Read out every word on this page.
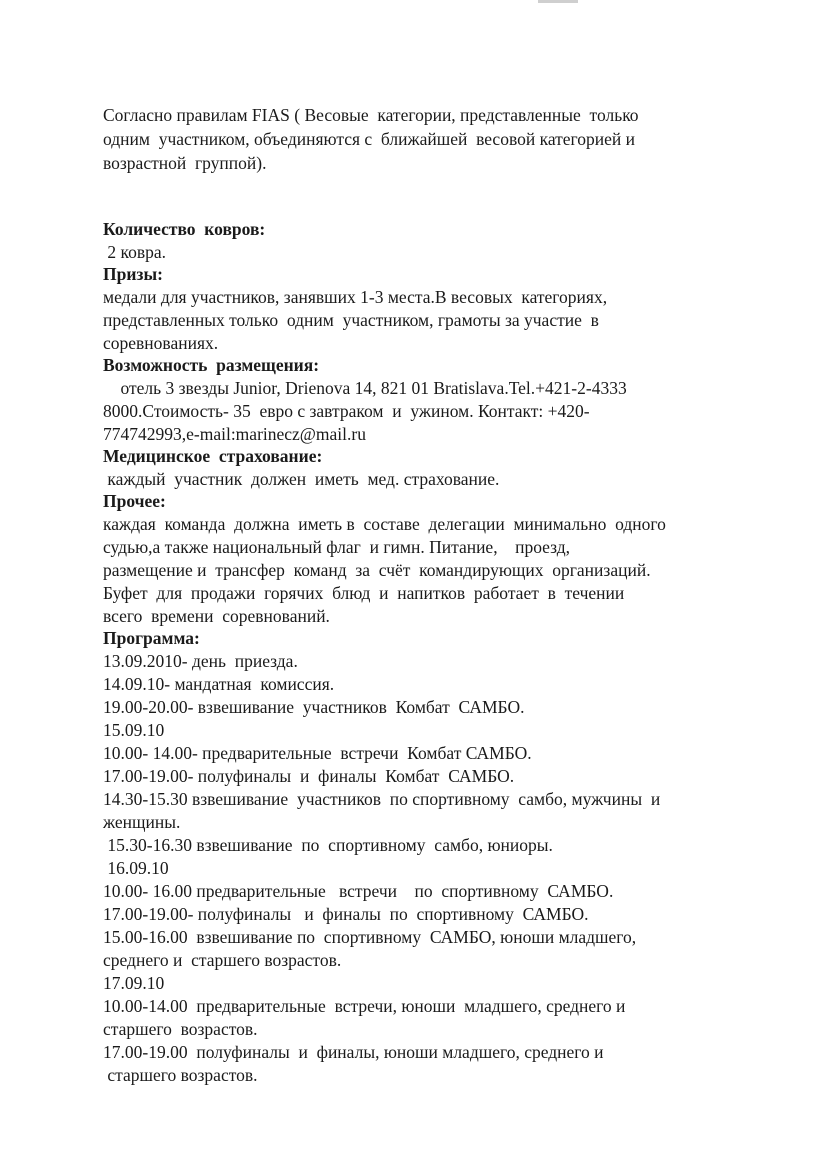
Согласно правилам FIAS ( Весовые  категории, представленные  только
одним  участником, объединяются с  ближайшей  весовой категорией и
возрастной  группой).
Количество  ковров:
2 ковра.
Призы:
медали для участников, занявших 1-3 места.В весовых  категориях,
представленных только  одним  участником, грамоты за участие  в
соревнованиях.
Возможность  размещения:
отель 3 звезды Junior, Drienova 14, 821 01 Bratislava.Tel.+421-2-4333
8000.Стоимость- 35  евро с завтраком  и  ужином. Контакт: +420-
774742993,e-mail:marinecz@mail.ru
Медицинское  страхование:
каждый  участник  должен  иметь  мед. страхование.
Прочее:
каждая  команда  должна  иметь в  составе  делегации  минимально  одного
судью,а также национальный флаг  и гимн. Питание,    проезд,
размещение и  трансфер  команд  за  счёт  командирующих  организаций.
Буфет  для  продажи  горячих  блюд  и  напитков  работает  в  течении
всего  времени  соревнований.
Программа:
13.09.2010- день  приезда.
14.09.10- мандатная  комиссия.
19.00-20.00- взвешивание  участников  Комбат  САМБО.
15.09.10
10.00- 14.00- предварительные  встречи  Комбат САМБО.
17.00-19.00- полуфиналы  и  финалы  Комбат  САМБО.
14.30-15.30 взвешивание  участников  по спортивному  самбо, мужчины  и
женщины.
15.30-16.30 взвешивание  по  спортивному  самбо, юниоры.
16.09.10
10.00- 16.00 предварительные   встречи    по  спортивному  САМБО.
17.00-19.00- полуфиналы   и  финалы  по  спортивному  САМБО.
15.00-16.00  взвешивание по  спортивному  САМБО, юноши младшего,
среднего и  старшего возрастов.
17.09.10
10.00-14.00  предварительные  встречи, юноши  младшего, среднего и
старшего  возрастов.
17.00-19.00  полуфиналы  и  финалы, юноши младшего, среднего и
старшего возрастов.
